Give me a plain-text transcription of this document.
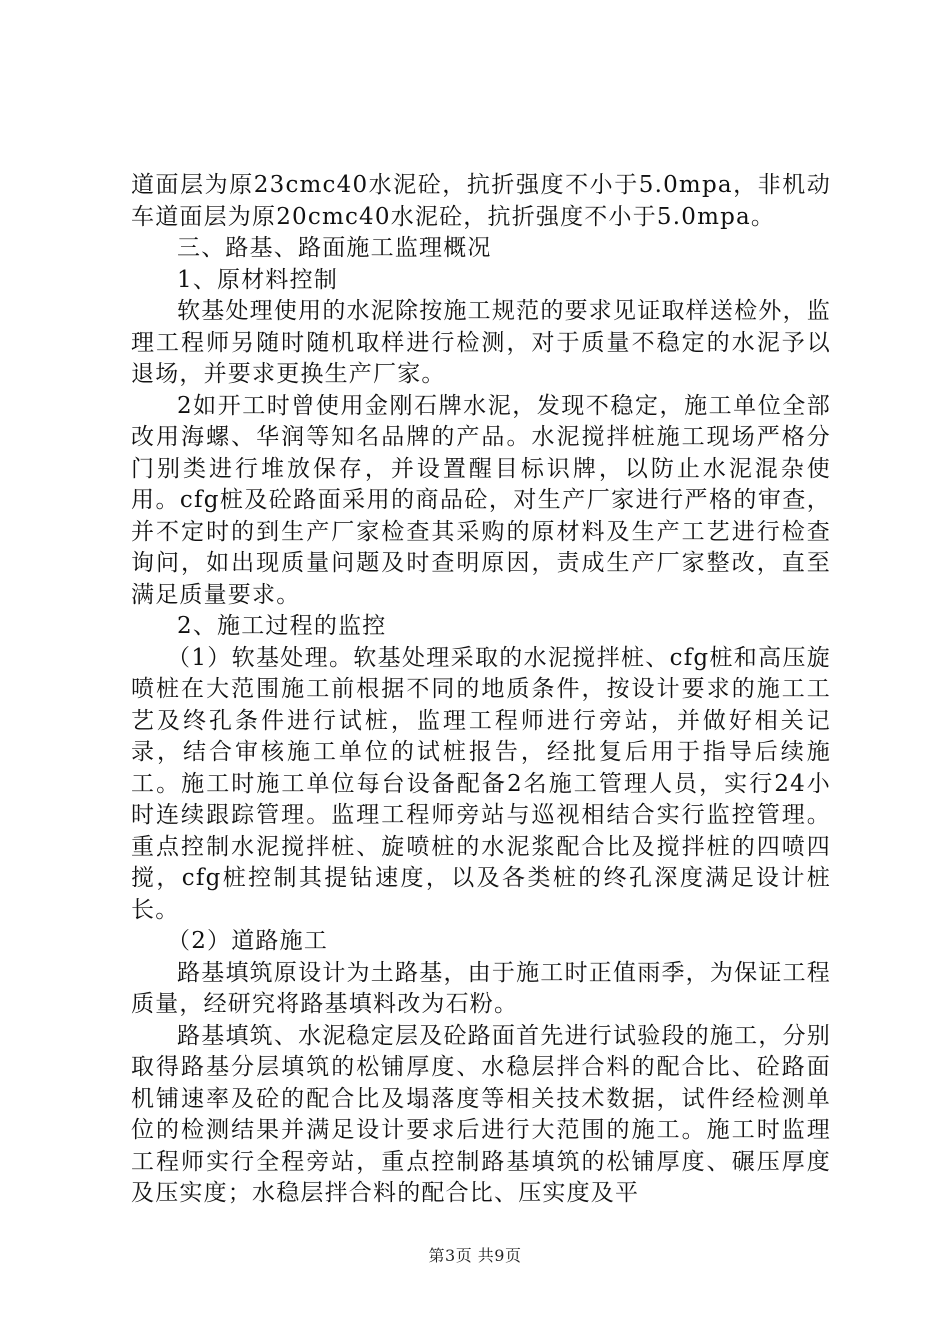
道面层为原23cmc40水泥砼，抗折强度不小于5.0mpa，非机动车道面层为原20cmc40水泥砼，抗折强度不小于5.0mpa。

三、路基、路面施工监理概况

1、原材料控制

软基处理使用的水泥除按施工规范的要求见证取样送检外，监理工程师另随时随机取样进行检测，对于质量不稳定的水泥予以退场，并要求更换生产厂家。

2如开工时曾使用金刚石牌水泥，发现不稳定，施工单位全部改用海螺、华润等知名品牌的产品。水泥搅拌桩施工现场严格分门别类进行堆放保存，并设置醒目标识牌，以防止水泥混杂使用。cfg桩及砼路面采用的商品砼，对生产厂家进行严格的审查，并不定时的到生产厂家检查其采购的原材料及生产工艺进行检查询问，如出现质量问题及时查明原因，责成生产厂家整改，直至满足质量要求。

2、施工过程的监控

（1）软基处理。软基处理采取的水泥搅拌桩、cfg桩和高压旋喷桩在大范围施工前根据不同的地质条件，按设计要求的施工工艺及终孔条件进行试桩，监理工程师进行旁站，并做好相关记录，结合审核施工单位的试桩报告，经批复后用于指导后续施工。施工时施工单位每台设备配备2名施工管理人员，实行24小时连续跟踪管理。监理工程师旁站与巡视相结合实行监控管理。重点控制水泥搅拌桩、旋喷桩的水泥浆配合比及搅拌桩的四喷四搅，cfg桩控制其提钻速度，以及各类桩的终孔深度满足设计桩长。

（2）道路施工

路基填筑原设计为土路基，由于施工时正值雨季，为保证工程质量，经研究将路基填料改为石粉。

路基填筑、水泥稳定层及砼路面首先进行试验段的施工，分别取得路基分层填筑的松铺厚度、水稳层拌合料的配合比、砼路面机铺速率及砼的配合比及塌落度等相关技术数据，试件经检测单位的检测结果并满足设计要求后进行大范围的施工。施工时监理工程师实行全程旁站，重点控制路基填筑的松铺厚度、碾压厚度及压实度；水稳层拌合料的配合比、压实度及平

第3页 共9页
